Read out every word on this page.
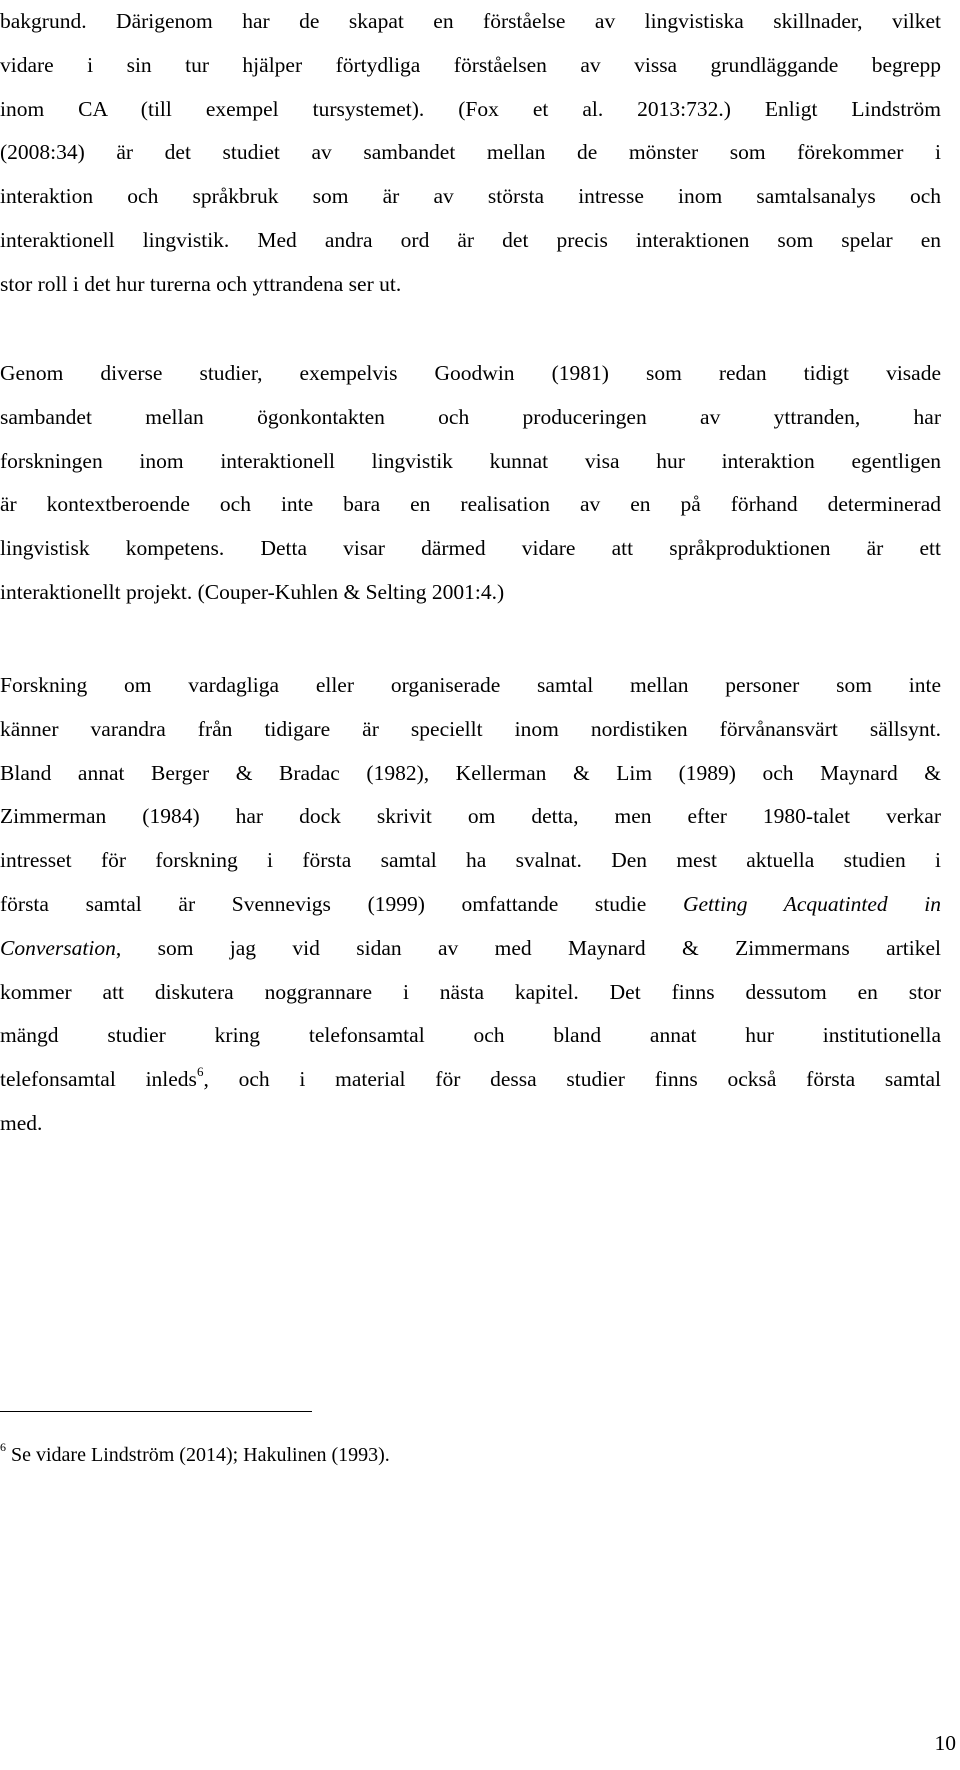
bakgrund. Därigenom har de skapat en förståelse av lingvistiska skillnader, vilket
vidare i sin tur hjälper förtydliga förståelsen av vissa grundläggande begrepp
inom CA (till exempel tursystemet). (Fox et al. 2013:732.) Enligt Lindström
(2008:34) är det studiet av sambandet mellan de mönster som förekommer i
interaktion och språkbruk som är av största intresse inom samtalsanalys och
interaktionell lingvistik. Med andra ord är det precis interaktionen som spelar en
stor roll i det hur turerna och yttrandena ser ut.
Genom diverse studier, exempelvis Goodwin (1981) som redan tidigt visade
sambandet mellan ögonkontakten och produceringen av yttranden, har
forskningen inom interaktionell lingvistik kunnat visa hur interaktion egentligen
är kontextberoende och inte bara en realisation av en på förhand determinerad
lingvistisk kompetens. Detta visar därmed vidare att språkproduktionen är ett
interaktionellt projekt. (Couper-Kuhlen & Selting 2001:4.)
Forskning om vardagliga eller organiserade samtal mellan personer som inte
känner varandra från tidigare är speciellt inom nordistiken förvånansvärt sällsynt.
Bland annat Berger & Bradac (1982), Kellerman & Lim (1989) och Maynard &
Zimmerman (1984) har dock skrivit om detta, men efter 1980-talet verkar
intresset för forskning i första samtal ha svalnat. Den mest aktuella studien i
första samtal är Svennevigs (1999) omfattande studie Getting Acquatinted in
Conversation, som jag vid sidan av med Maynard & Zimmermans artikel
kommer att diskutera noggrannare i nästa kapitel. Det finns dessutom en stor
mängd studier kring telefonsamtal och bland annat hur institutionella
telefonsamtal inleds$^6$, och i material för dessa studier finns också första samtal
med.
$^6$ Se vidare Lindström (2014); Hakulinen (1993).
10
